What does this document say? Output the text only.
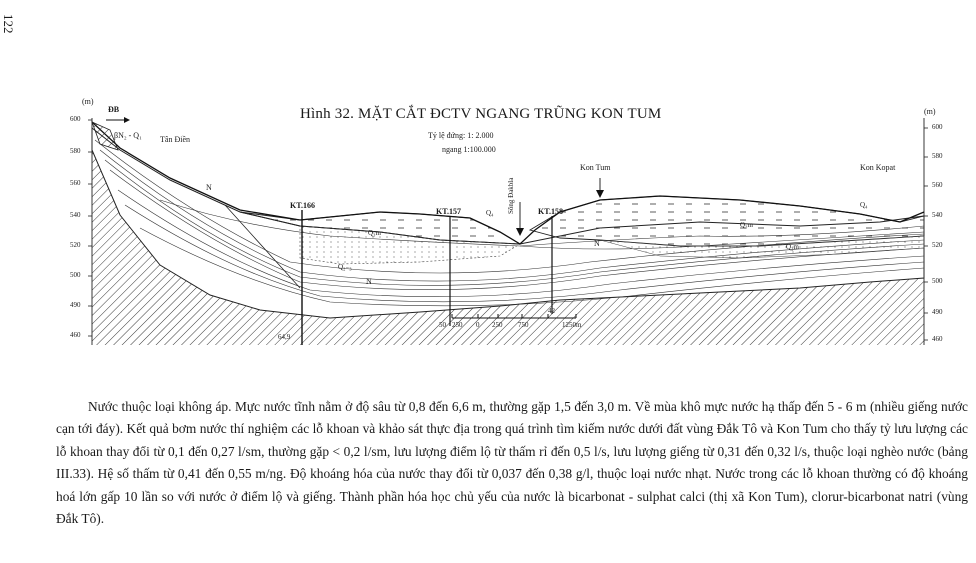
122
Hình 32. MẶT CẮT ĐCTV NGANG TRŨNG KON TUM
Tỷ lệ đứng: 1: 2.000
ngang 1:100.000
(m)
(m)
ĐB
600
580
560
540
520
500
490
460
600
580
560
540
520
500
490
460
βN₂ - Q₁ Tân Điền
Kon Tum	Kon Kopat
Sông Đakbla
N
N
N
Q₃m
Q₂₋₃
Q₃m
Q₂m
Q₄
Q₄
KT.166
64,9
KT.157
50
KT.158
42
250 0 250 750	1250m
Nước thuộc loại không áp. Mực nước tĩnh nằm ở độ sâu từ 0,8 đến 6,6 m, thường gặp 1,5 đến 3,0 m. Về mùa khô mực nước hạ thấp đến 5 - 6 m (nhiều giếng nước cạn tới đáy). Kết quả bơm nước thí nghiệm các lỗ khoan và khảo sát thực địa trong quá trình tìm kiếm nước dưới đất vùng Đắk Tô và Kon Tum cho thấy tỷ lưu lượng các lỗ khoan thay đổi từ 0,1 đến 0,27 l/sm, thường gặp < 0,2 l/sm, lưu lượng điểm lộ từ thấm rỉ đến 0,5 l/s, lưu lượng giếng từ 0,31 đến 0,32 l/s, thuộc loại nghèo nước (bảng III.33). Hệ số thấm từ 0,41 đến 0,55 m/ng. Độ khoáng hóa của nước thay đổi từ 0,037 đến 0,38 g/l, thuộc loại nước nhạt. Nước trong các lỗ khoan thường có độ khoáng hoá lớn gấp 10 lần so với nước ở điểm lộ và giếng. Thành phần hóa học chủ yếu của nước là bicarbonat - sulphat calci (thị xã Kon Tum), clorur-bicarbonat natri (vùng Đắk Tô).
